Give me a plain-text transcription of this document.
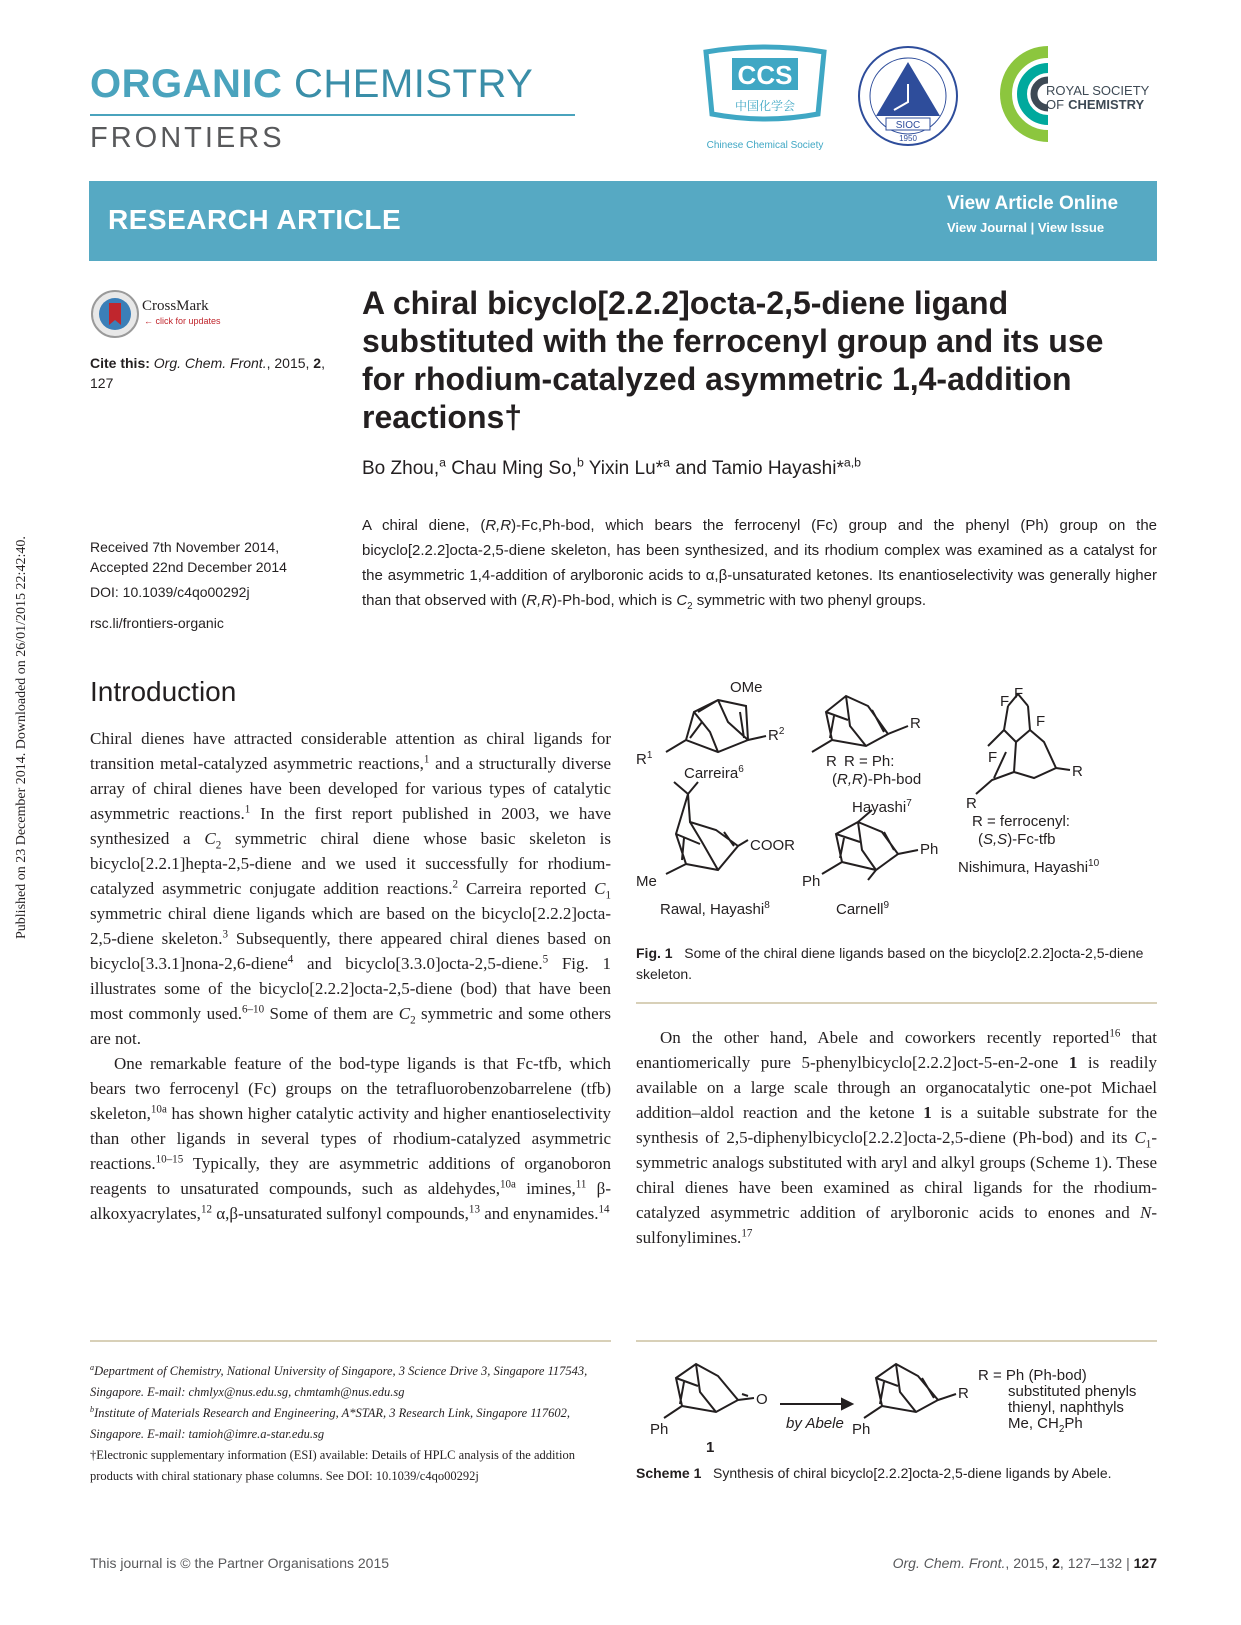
Published on 23 December 2014. Downloaded on 26/01/2015 22:42:40.
ORGANIC CHEMISTRY
FRONTIERS
CCS
中国化学会
Chinese Chemical Society
SIOC
1950
ROYAL SOCIETY
OF CHEMISTRY
RESEARCH ARTICLE
View Article Online
View Journal | View Issue
CrossMark
← click for updates
Cite this: Org. Chem. Front., 2015, 2, 127
Received 7th November 2014,
Accepted 22nd December 2014
DOI: 10.1039/c4qo00292j
rsc.li/frontiers-organic
A chiral bicyclo[2.2.2]octa-2,5-diene ligand substituted with the ferrocenyl group and its use for rhodium-catalyzed asymmetric 1,4-addition reactions†
Bo Zhou,$^a$ Chau Ming So,$^b$ Yixin Lu*$^a$ and Tamio Hayashi*$^{a,b}$
A chiral diene, (R,R)-Fc,Ph-bod, which bears the ferrocenyl (Fc) group and the phenyl (Ph) group on the bicyclo[2.2.2]octa-2,5-diene skeleton, has been synthesized, and its rhodium complex was examined as a catalyst for the asymmetric 1,4-addition of arylboronic acids to α,β-unsaturated ketones. Its enantioselectivity was generally higher than that observed with (R,R)-Ph-bod, which is $C_2$ symmetric with two phenyl groups.
Introduction

Chiral dienes have attracted considerable attention as chiral ligands for transition metal-catalyzed asymmetric reactions,$^1$ and a structurally diverse array of chiral dienes have been developed for various types of catalytic asymmetric reactions.$^1$ In the first report published in 2003, we have synthesized a $C_2$ symmetric chiral diene whose basic skeleton is bicyclo[2.2.1]hepta-2,5-diene and we used it successfully for rhodium-catalyzed asymmetric conjugate addition reactions.$^2$ Carreira reported $C_1$ symmetric chiral diene ligands which are based on the bicyclo[2.2.2]octa-2,5-diene skeleton.$^3$ Subsequently, there appeared chiral dienes based on bicyclo[3.3.1]nona-2,6-diene$^4$ and bicyclo[3.3.0]octa-2,5-diene.$^5$ Fig. 1 illustrates some of the bicyclo[2.2.2]octa-2,5-diene (bod) that have been most commonly used.$^{6-10}$ Some of them are $C_2$ symmetric and some others are not.

One remarkable feature of the bod-type ligands is that Fc-tfb, which bears two ferrocenyl (Fc) groups on the tetrafluorobenzobarrelene (tfb) skeleton,$^{10a}$ has shown higher catalytic activity and higher enantioselectivity than other ligands in several types of rhodium-catalyzed asymmetric reactions.$^{10-15}$ Typically, they are asymmetric additions of organoboron reagents to unsaturated compounds, such as aldehydes,$^{10a}$ imines,$^{11}$ β-alkoxyacrylates,$^{12}$ α,β-unsaturated sulfonyl compounds,$^{13}$ and enynamides.$^{14}$

$^a$Department of Chemistry, National University of Singapore, 3 Science Drive 3, Singapore 117543, Singapore. E-mail: chmlyx@nus.edu.sg, chmtamh@nus.edu.sg

$^b$Institute of Materials Research and Engineering, A*STAR, 3 Research Link, Singapore 117602, Singapore. E-mail: tamioh@imre.a-star.edu.sg

†Electronic supplementary information (ESI) available: Details of HPLC analysis of the addition products with chiral stationary phase columns. See DOI: 10.1039/c4qo00292j

OMe
$R^2$
$R^1$
Carreira$^6$
R
R R = Ph:
(R,R)-Ph-bod
Hayashi$^7$
F F
F
F
R
R
R = ferrocenyl:
(S,S)-Fc-tfb
Nishimura, Hayashi$^{10}$
COOR
Me
Rawal, Hayashi$^8$
Ph
Ph
Carnell$^9$
Fig. 1 Some of the chiral diene ligands based on the bicyclo[2.2.2]octa-2,5-diene skeleton.

On the other hand, Abele and coworkers recently reported$^{16}$ that enantiomerically pure 5-phenylbicyclo[2.2.2]oct-5-en-2-one 1 is readily available on a large scale through an organocatalytic one-pot Michael addition–aldol reaction and the ketone 1 is a suitable substrate for the synthesis of 2,5-diphenylbicyclo[2.2.2]octa-2,5-diene (Ph-bod) and its $C_1$-symmetric analogs substituted with aryl and alkyl groups (Scheme 1). These chiral dienes have been examined as chiral ligands for the rhodium-catalyzed asymmetric addition of arylboronic acids to enones and N-sulfonylimines.$^{17}$

O
Ph
1
by Abele Ph
R
R = Ph (Ph-bod)
substituted phenyls
thienyl, naphthyls
Me, $CH_2Ph$
Scheme 1 Synthesis of chiral bicyclo[2.2.2]octa-2,5-diene ligands by Abele.
This journal is © the Partner Organisations 2015	Org. Chem. Front., 2015, 2, 127–132 | 127
